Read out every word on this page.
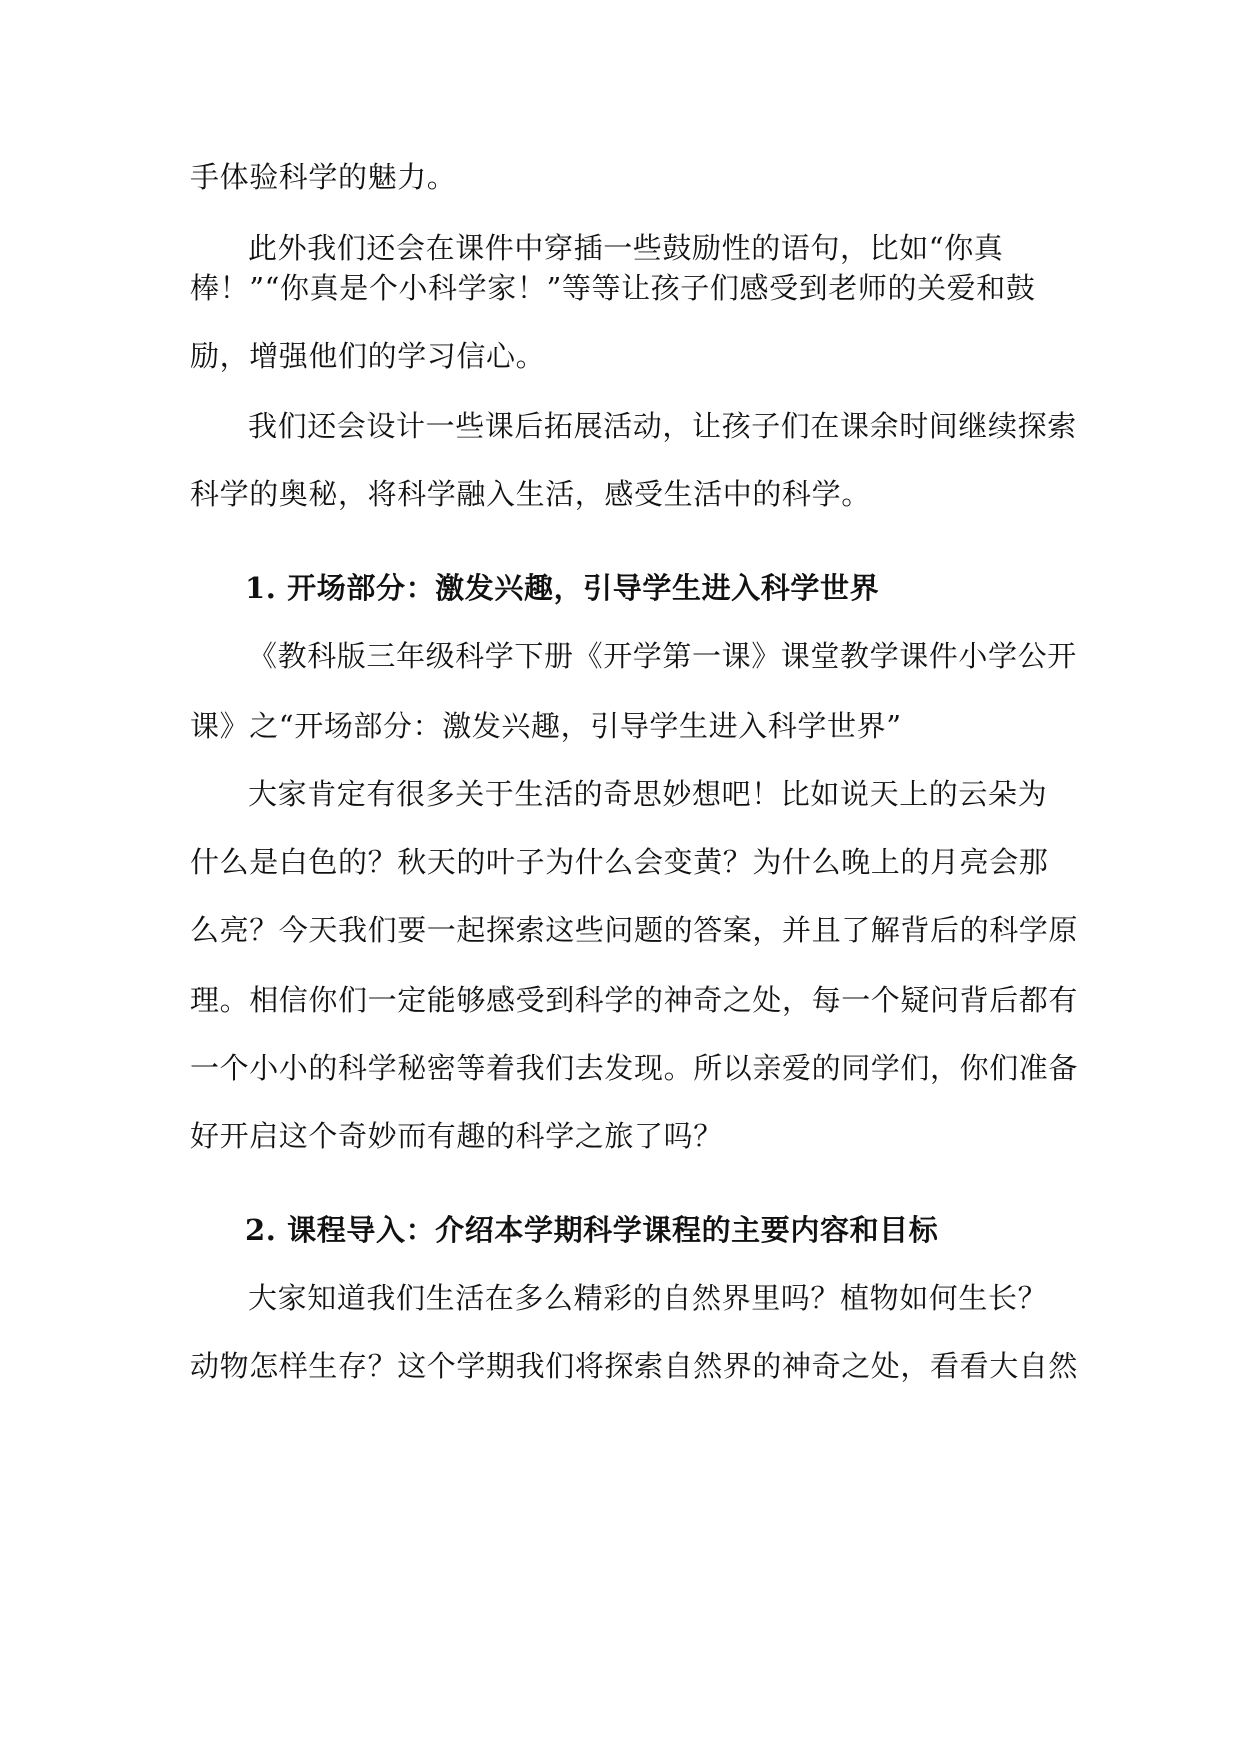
手体验科学的魅力。
此外我们还会在课件中穿插一些鼓励性的语句，比如“你真
棒！”“你真是个小科学家！”等等让孩子们感受到老师的关爱和鼓
励，增强他们的学习信心。
我们还会设计一些课后拓展活动，让孩子们在课余时间继续探索
科学的奥秘，将科学融入生活，感受生活中的科学。
1. 开场部分：激发兴趣，引导学生进入科学世界
《教科版三年级科学下册《开学第一课》课堂教学课件小学公开
课》之“开场部分：激发兴趣，引导学生进入科学世界”
大家肯定有很多关于生活的奇思妙想吧！比如说天上的云朵为
什么是白色的？秋天的叶子为什么会变黄？为什么晚上的月亮会那
么亮？今天我们要一起探索这些问题的答案，并且了解背后的科学原
理。相信你们一定能够感受到科学的神奇之处，每一个疑问背后都有
一个小小的科学秘密等着我们去发现。所以亲爱的同学们，你们准备
好开启这个奇妙而有趣的科学之旅了吗？
2. 课程导入：介绍本学期科学课程的主要内容和目标
大家知道我们生活在多么精彩的自然界里吗？植物如何生长？
动物怎样生存？这个学期我们将探索自然界的神奇之处，看看大自然
